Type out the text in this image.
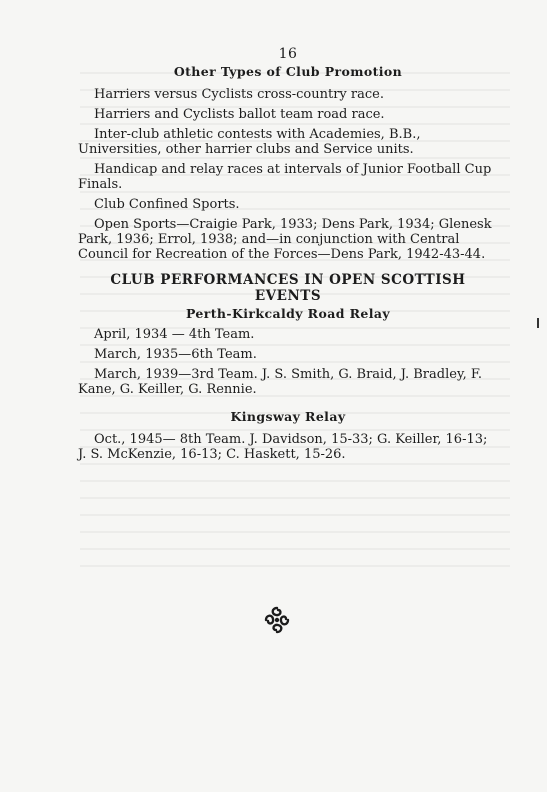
16
Other Types of Club Promotion

Harriers versus Cyclists cross-country race.

Harriers and Cyclists ballot team road race.

Inter-club athletic contests with Academies, B.B., Universities, other harrier clubs and Service units.

Handicap and relay races at intervals of Junior Football Cup Finals.

Club Confined Sports.

Open Sports—Craigie Park, 1933; Dens Park, 1934; Glenesk Park, 1936; Errol, 1938; and—in conjunction with Central Council for Recreation of the Forces—Dens Park, 1942-43-44.

CLUB PERFORMANCES IN OPEN SCOTTISH EVENTS
Perth-Kirkcaldy Road Relay

April, 1934 — 4th Team.

March, 1935—6th Team.

March, 1939—3rd Team. J. S. Smith, G. Braid, J. Bradley, F. Kane, G. Keiller, G. Rennie.

Kingsway Relay

Oct., 1945— 8th Team. J. Davidson, 15-33; G. Keiller, 16-13; J. S. McKenzie, 16-13; C. Haskett, 15-26.
